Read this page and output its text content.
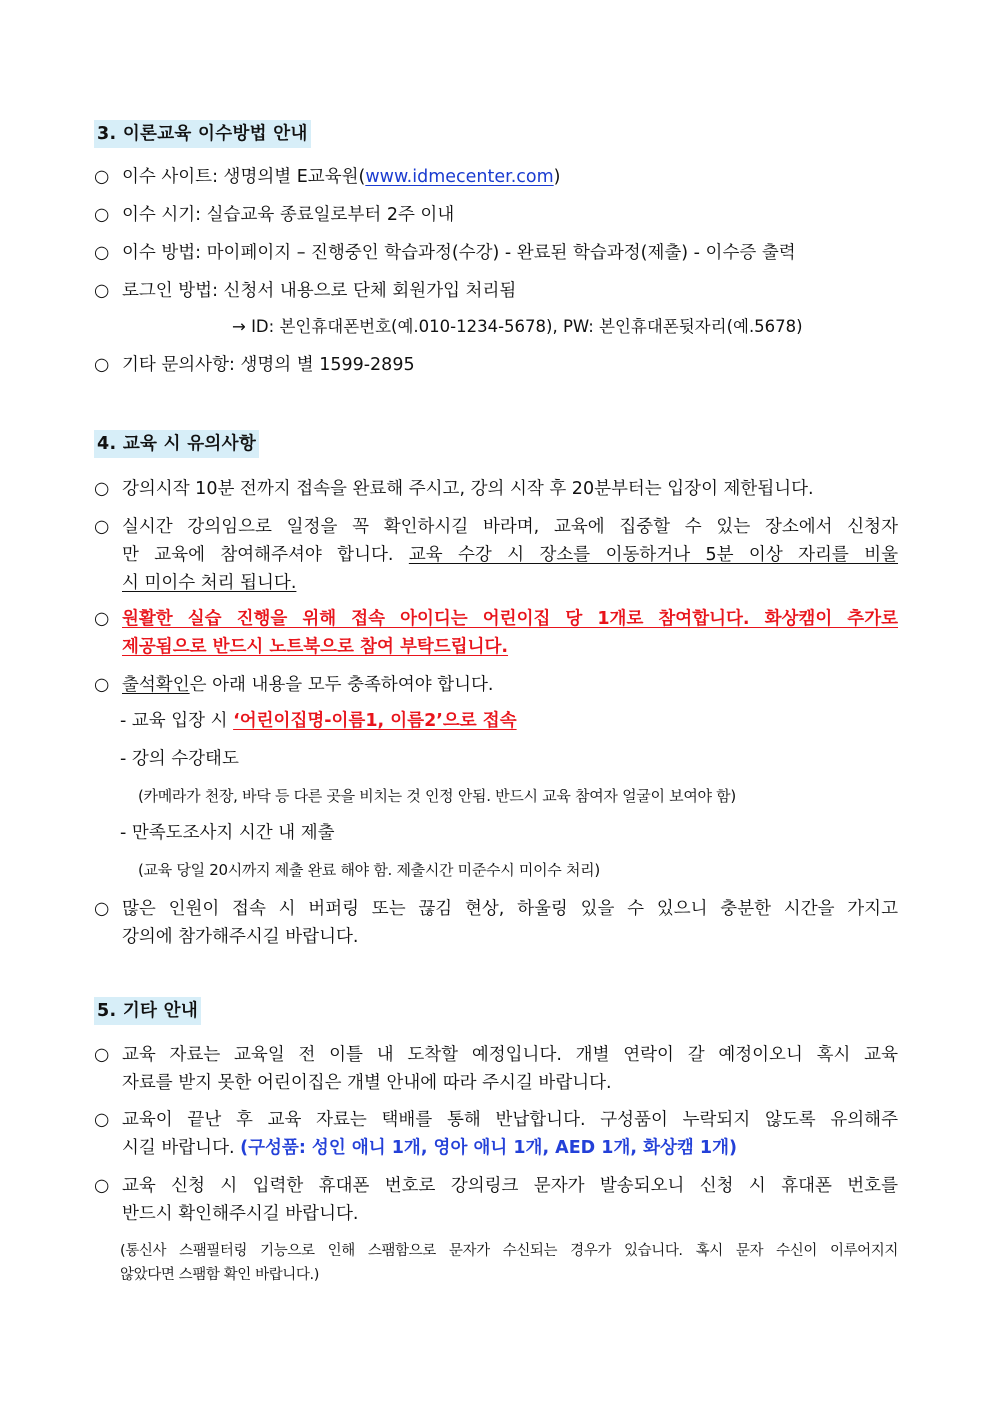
3. 이론교육 이수방법 안내
○ 이수 사이트: 생명의별 E교육원(www.idmecenter.com)
○ 이수 시기: 실습교육 종료일로부터 2주 이내
○ 이수 방법: 마이페이지 – 진행중인 학습과정(수강) - 완료된 학습과정(제출) - 이수증 출력
○ 로그인 방법: 신청서 내용으로 단체 회원가입 처리됨
→ ID: 본인휴대폰번호(예.010-1234-5678), PW: 본인휴대폰뒷자리(예.5678)
○ 기타 문의사항: 생명의 별 1599-2895
4. 교육 시 유의사항
○ 강의시작 10분 전까지 접속을 완료해 주시고, 강의 시작 후 20분부터는 입장이 제한됩니다.
○ 실시간 강의임으로 일정을 꼭 확인하시길 바라며, 교육에 집중할 수 있는 장소에서 신청자
만 교육에 참여해주셔야 합니다. 교육 수강 시 장소를 이동하거나 5분 이상 자리를 비울
시 미이수 처리 됩니다.
○ 원활한 실습 진행을 위해 접속 아이디는 어린이집 당 1개로 참여합니다. 화상캠이 추가로
제공됨으로 반드시 노트북으로 참여 부탁드립니다.
○ 출석확인은 아래 내용을 모두 충족하여야 합니다.
- 교육 입장 시 ‘어린이집명-이름1, 이름2’으로 접속
- 강의 수강태도
(카메라가 천장, 바닥 등 다른 곳을 비치는 것 인정 안됨. 반드시 교육 참여자 얼굴이 보여야 함)
- 만족도조사지 시간 내 제출
(교육 당일 20시까지 제출 완료 해야 함. 제출시간 미준수시 미이수 처리)
○ 많은 인원이 접속 시 버퍼링 또는 끊김 현상, 하울링 있을 수 있으니 충분한 시간을 가지고
강의에 참가해주시길 바랍니다.
5. 기타 안내
○ 교육 자료는 교육일 전 이틀 내 도착할 예정입니다. 개별 연락이 갈 예정이오니 혹시 교육
자료를 받지 못한 어린이집은 개별 안내에 따라 주시길 바랍니다.
○ 교육이 끝난 후 교육 자료는 택배를 통해 반납합니다. 구성품이 누락되지 않도록 유의해주
시길 바랍니다. (구성품: 성인 애니 1개, 영아 애니 1개, AED 1개, 화상캠 1개)
○ 교육 신청 시 입력한 휴대폰 번호로 강의링크 문자가 발송되오니 신청 시 휴대폰 번호를
반드시 확인해주시길 바랍니다.
(통신사 스팸필터링 기능으로 인해 스팸함으로 문자가 수신되는 경우가 있습니다. 혹시 문자 수신이 이루어지지
않았다면 스팸함 확인 바랍니다.)
